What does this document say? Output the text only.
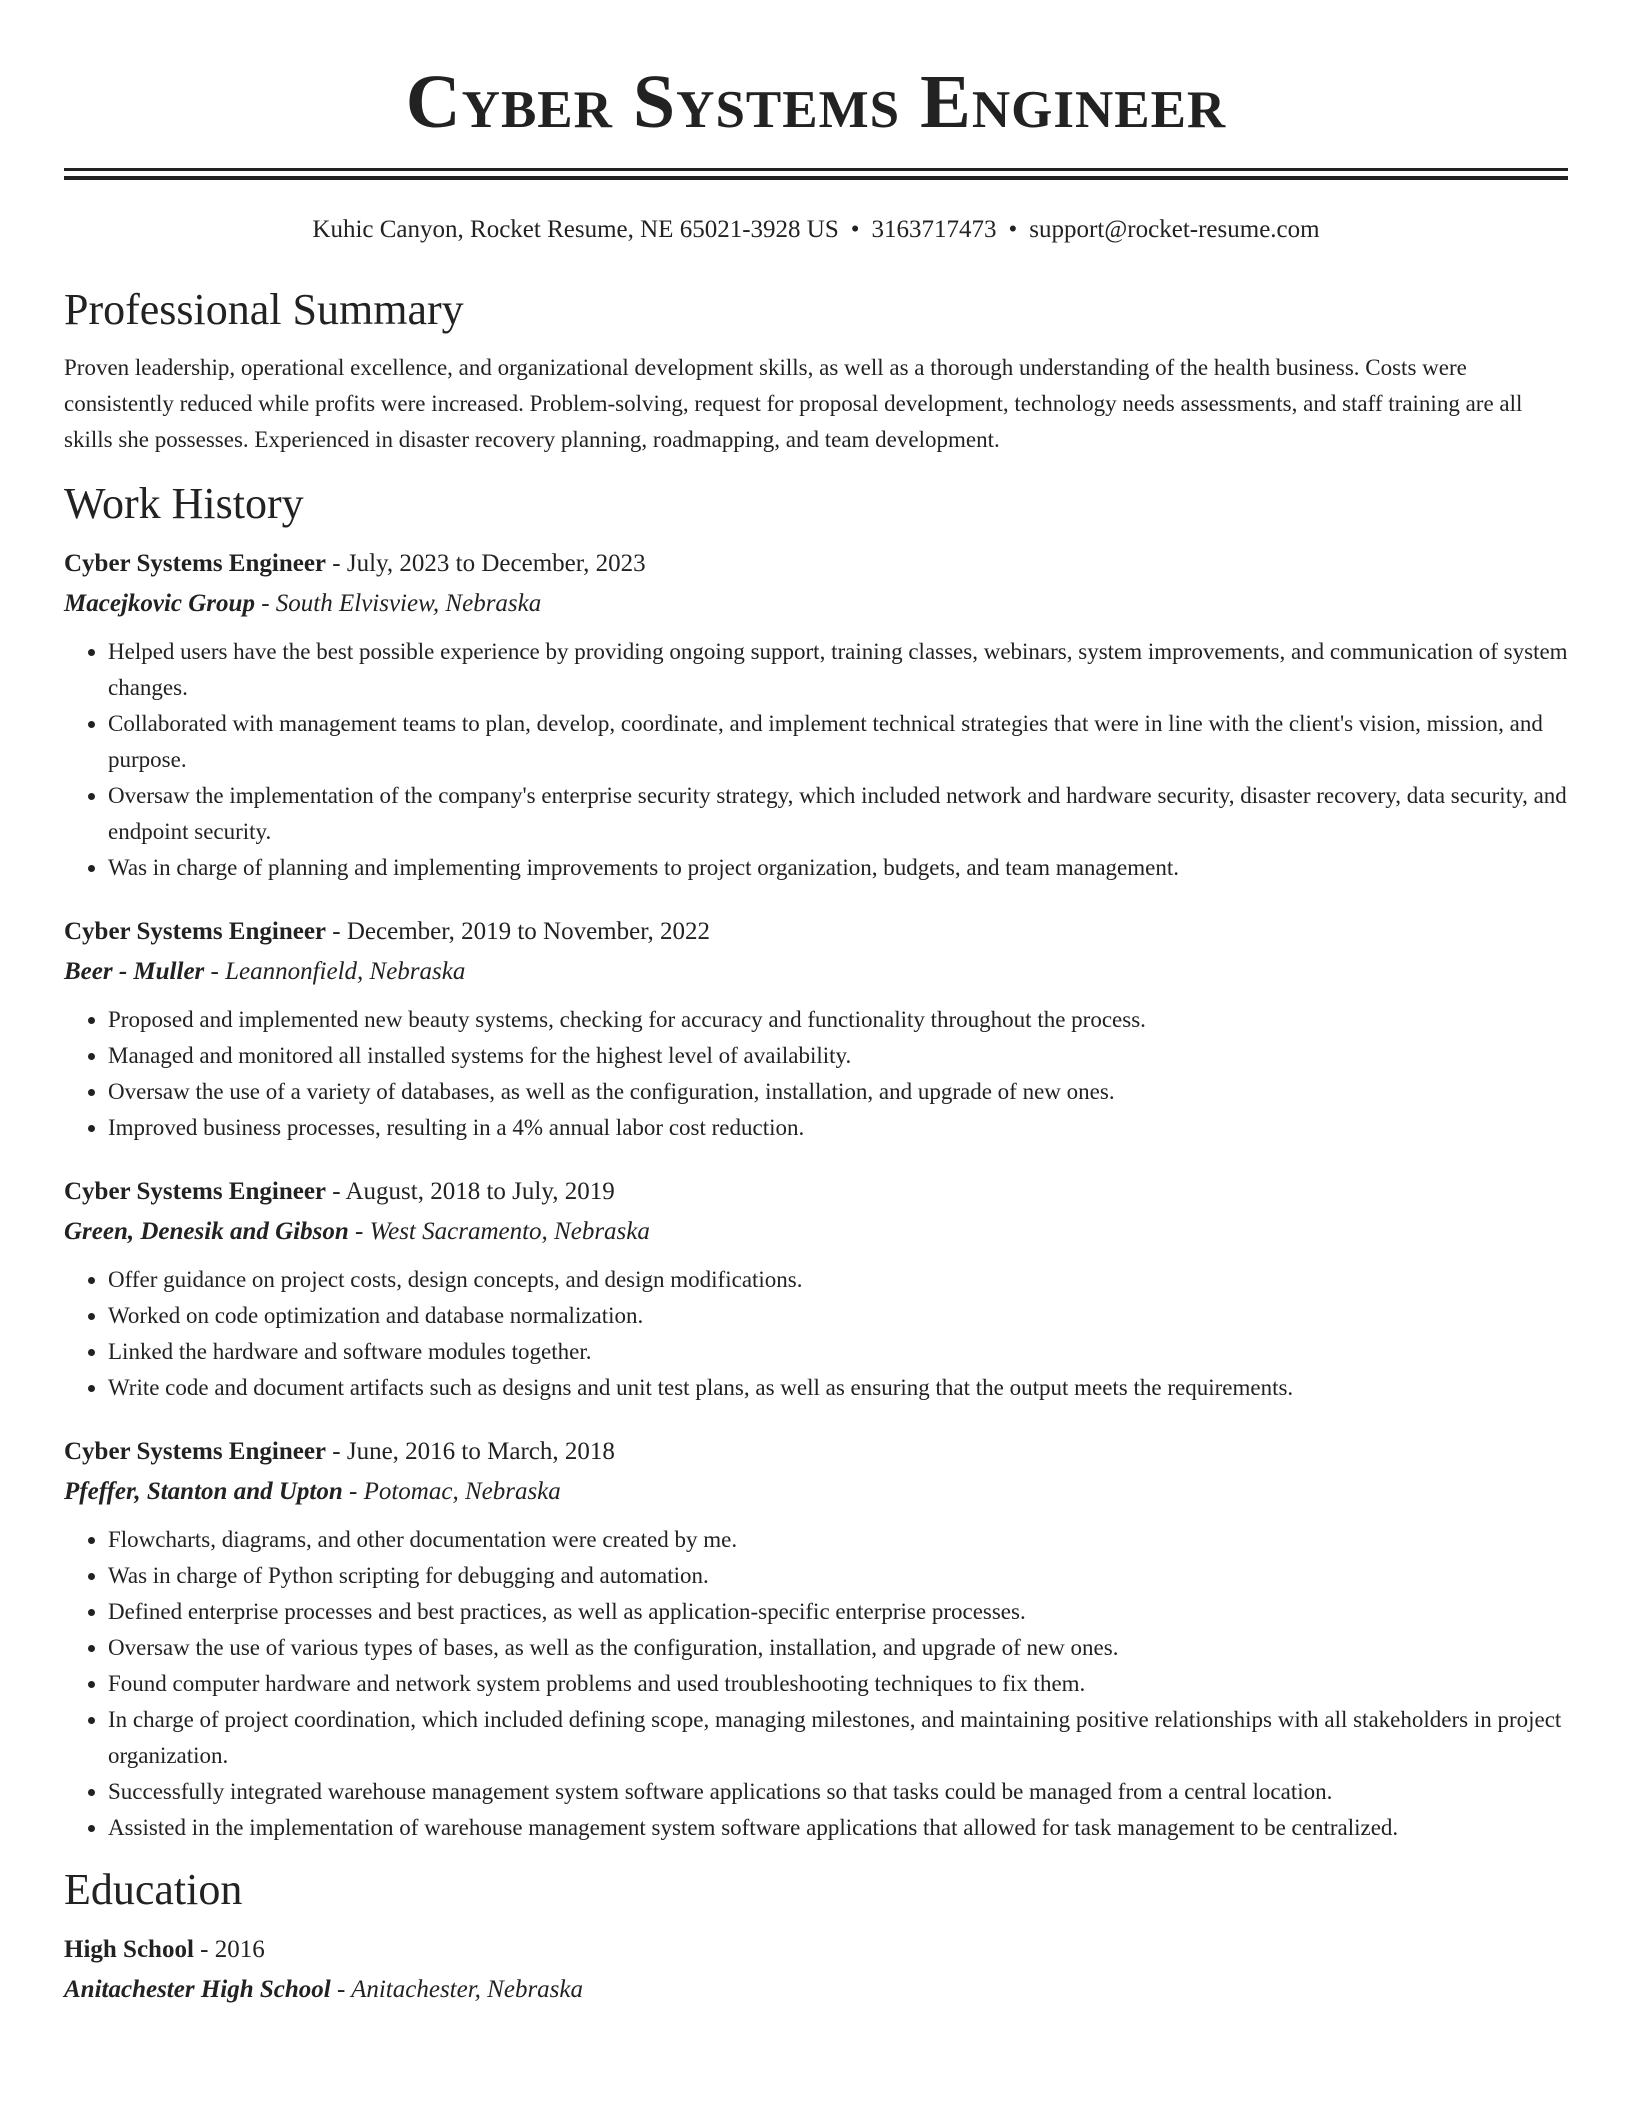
Cyber Systems Engineer
Kuhic Canyon, Rocket Resume, NE 65021-3928 US • 3163717473 • support@rocket-resume.com
Professional Summary

Proven leadership, operational excellence, and organizational development skills, as well as a thorough understanding of the health business. Costs were consistently reduced while profits were increased. Problem-solving, request for proposal development, technology needs assessments, and staff training are all skills she possesses. Experienced in disaster recovery planning, roadmapping, and team development.

Work History
Cyber Systems Engineer - July, 2023 to December, 2023
Macejkovic Group - South Elvisview, Nebraska
• Helped users have the best possible experience by providing ongoing support, training classes, webinars, system improvements, and communication of system changes.
• Collaborated with management teams to plan, develop, coordinate, and implement technical strategies that were in line with the client's vision, mission, and purpose.
• Oversaw the implementation of the company's enterprise security strategy, which included network and hardware security, disaster recovery, data security, and endpoint security.
• Was in charge of planning and implementing improvements to project organization, budgets, and team management.
Cyber Systems Engineer - December, 2019 to November, 2022
Beer - Muller - Leannonfield, Nebraska
• Proposed and implemented new beauty systems, checking for accuracy and functionality throughout the process.
• Managed and monitored all installed systems for the highest level of availability.
• Oversaw the use of a variety of databases, as well as the configuration, installation, and upgrade of new ones.
• Improved business processes, resulting in a 4% annual labor cost reduction.
Cyber Systems Engineer - August, 2018 to July, 2019
Green, Denesik and Gibson - West Sacramento, Nebraska
• Offer guidance on project costs, design concepts, and design modifications.
• Worked on code optimization and database normalization.
• Linked the hardware and software modules together.
• Write code and document artifacts such as designs and unit test plans, as well as ensuring that the output meets the requirements.
Cyber Systems Engineer - June, 2016 to March, 2018
Pfeffer, Stanton and Upton - Potomac, Nebraska
• Flowcharts, diagrams, and other documentation were created by me.
• Was in charge of Python scripting for debugging and automation.
• Defined enterprise processes and best practices, as well as application-specific enterprise processes.
• Oversaw the use of various types of bases, as well as the configuration, installation, and upgrade of new ones.
• Found computer hardware and network system problems and used troubleshooting techniques to fix them.
• In charge of project coordination, which included defining scope, managing milestones, and maintaining positive relationships with all stakeholders in project organization.
• Successfully integrated warehouse management system software applications so that tasks could be managed from a central location.
• Assisted in the implementation of warehouse management system software applications that allowed for task management to be centralized.
Education
High School - 2016
Anitachester High School - Anitachester, Nebraska
